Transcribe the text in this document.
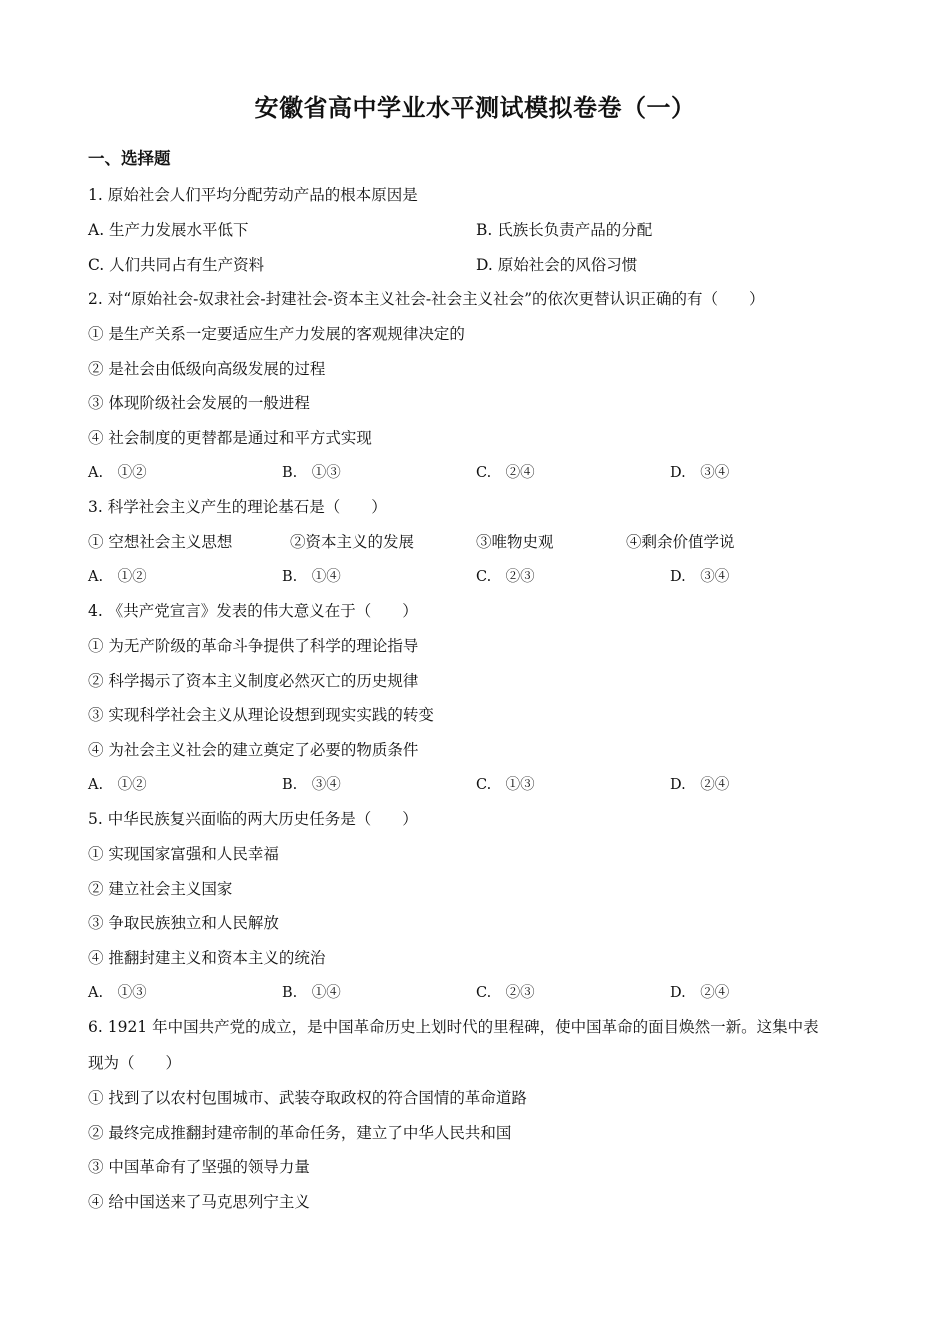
安徽省高中学业水平测试模拟卷卷（一）
一、选择题
1. 原始社会人们平均分配劳动产品的根本原因是
A. 生产力发展水平低下	B. 氏族长负责产品的分配
C. 人们共同占有生产资料	D. 原始社会的风俗习惯
2. 对“原始社会-奴隶社会-封建社会-资本主义社会-社会主义社会”的依次更替认识正确的有（　　）
① 是生产关系一定要适应生产力发展的客观规律决定的
② 是社会由低级向高级发展的过程
③ 体现阶级社会发展的一般进程
④ 社会制度的更替都是通过和平方式实现
A.　①②	B.　①③	C.　②④	D.　③④
3. 科学社会主义产生的理论基石是（　　）
① 空想社会主义思想	②资本主义的发展	③唯物史观	④剩余价值学说
A.　①②	B.　①④	C.　②③	D.　③④
4. 《共产党宣言》发表的伟大意义在于（　　）
① 为无产阶级的革命斗争提供了科学的理论指导
② 科学揭示了资本主义制度必然灭亡的历史规律
③ 实现科学社会主义从理论设想到现实实践的转变
④ 为社会主义社会的建立奠定了必要的物质条件
A.　①②	B.　③④	C.　①③	D.　②④
5. 中华民族复兴面临的两大历史任务是（　　）
① 实现国家富强和人民幸福
② 建立社会主义国家
③ 争取民族独立和人民解放
④ 推翻封建主义和资本主义的统治
A.　①③	B.　①④	C.　②③	D.　②④
6. 1921 年中国共产党的成立，是中国革命历史上划时代的里程碑，使中国革命的面目焕然一新。这集中表
现为（　　）
① 找到了以农村包围城市、武装夺取政权的符合国情的革命道路
② 最终完成推翻封建帝制的革命任务，建立了中华人民共和国
③ 中国革命有了坚强的领导力量
④ 给中国送来了马克思列宁主义
